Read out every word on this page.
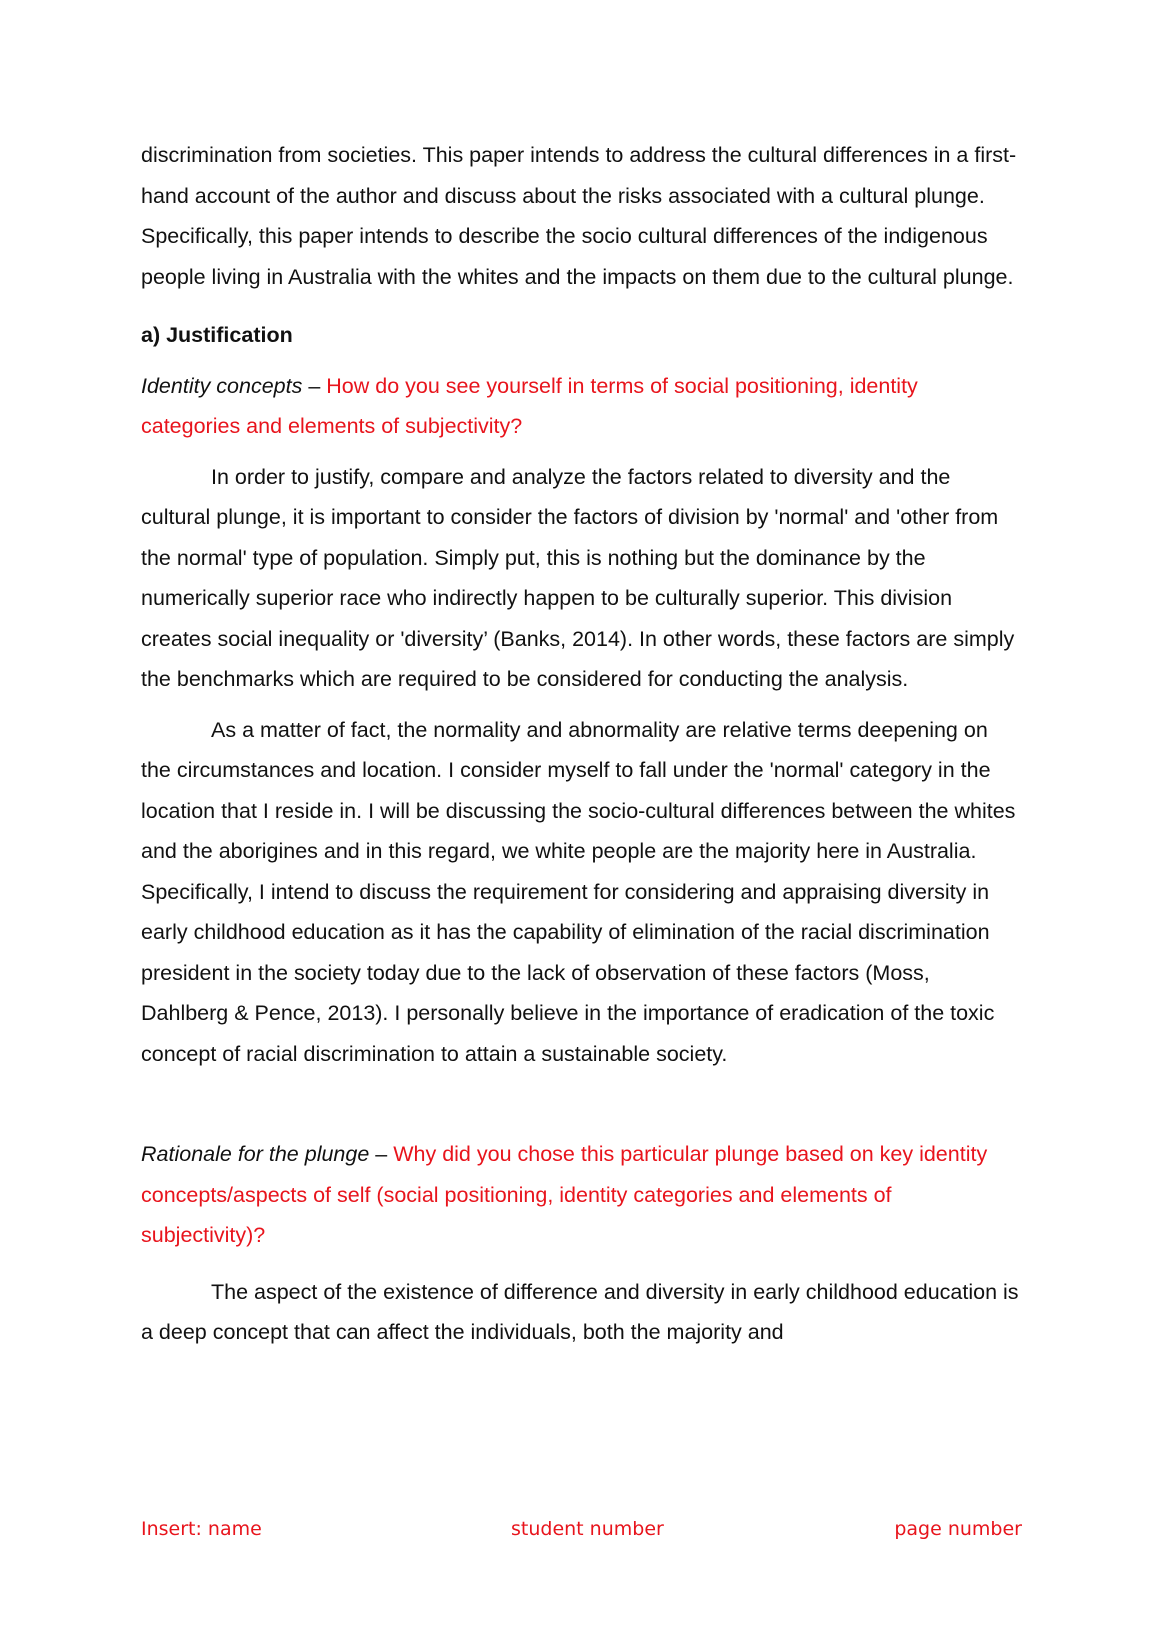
discrimination from societies. This paper intends to address the cultural differences in a first-hand account of the author and discuss about the risks associated with a cultural plunge. Specifically, this paper intends to describe the socio cultural differences of the indigenous people living in Australia with the whites and the impacts on them due to the cultural plunge.

a) Justification

Identity concepts – How do you see yourself in terms of social positioning, identity categories and elements of subjectivity?

In order to justify, compare and analyze the factors related to diversity and the cultural plunge, it is important to consider the factors of division by 'normal' and 'other from the normal' type of population. Simply put, this is nothing but the dominance by the numerically superior race who indirectly happen to be culturally superior. This division creates social inequality or 'diversity’ (Banks, 2014). In other words, these factors are simply the benchmarks which are required to be considered for conducting the analysis.

As a matter of fact, the normality and abnormality are relative terms deepening on the circumstances and location. I consider myself to fall under the 'normal' category in the location that I reside in. I will be discussing the socio-cultural differences between the whites and the aborigines and in this regard, we white people are the majority here in Australia. Specifically, I intend to discuss the requirement for considering and appraising diversity in early childhood education as it has the capability of elimination of the racial discrimination president in the society today due to the lack of observation of these factors (Moss, Dahlberg & Pence, 2013). I personally believe in the importance of eradication of the toxic concept of racial discrimination to attain a sustainable society.

Rationale for the plunge – Why did you chose this particular plunge based on key identity concepts/aspects of self (social positioning, identity categories and elements of subjectivity)?

The aspect of the existence of difference and diversity in early childhood education is a deep concept that can affect the individuals, both the majority and

Insert: name	student number	page number
